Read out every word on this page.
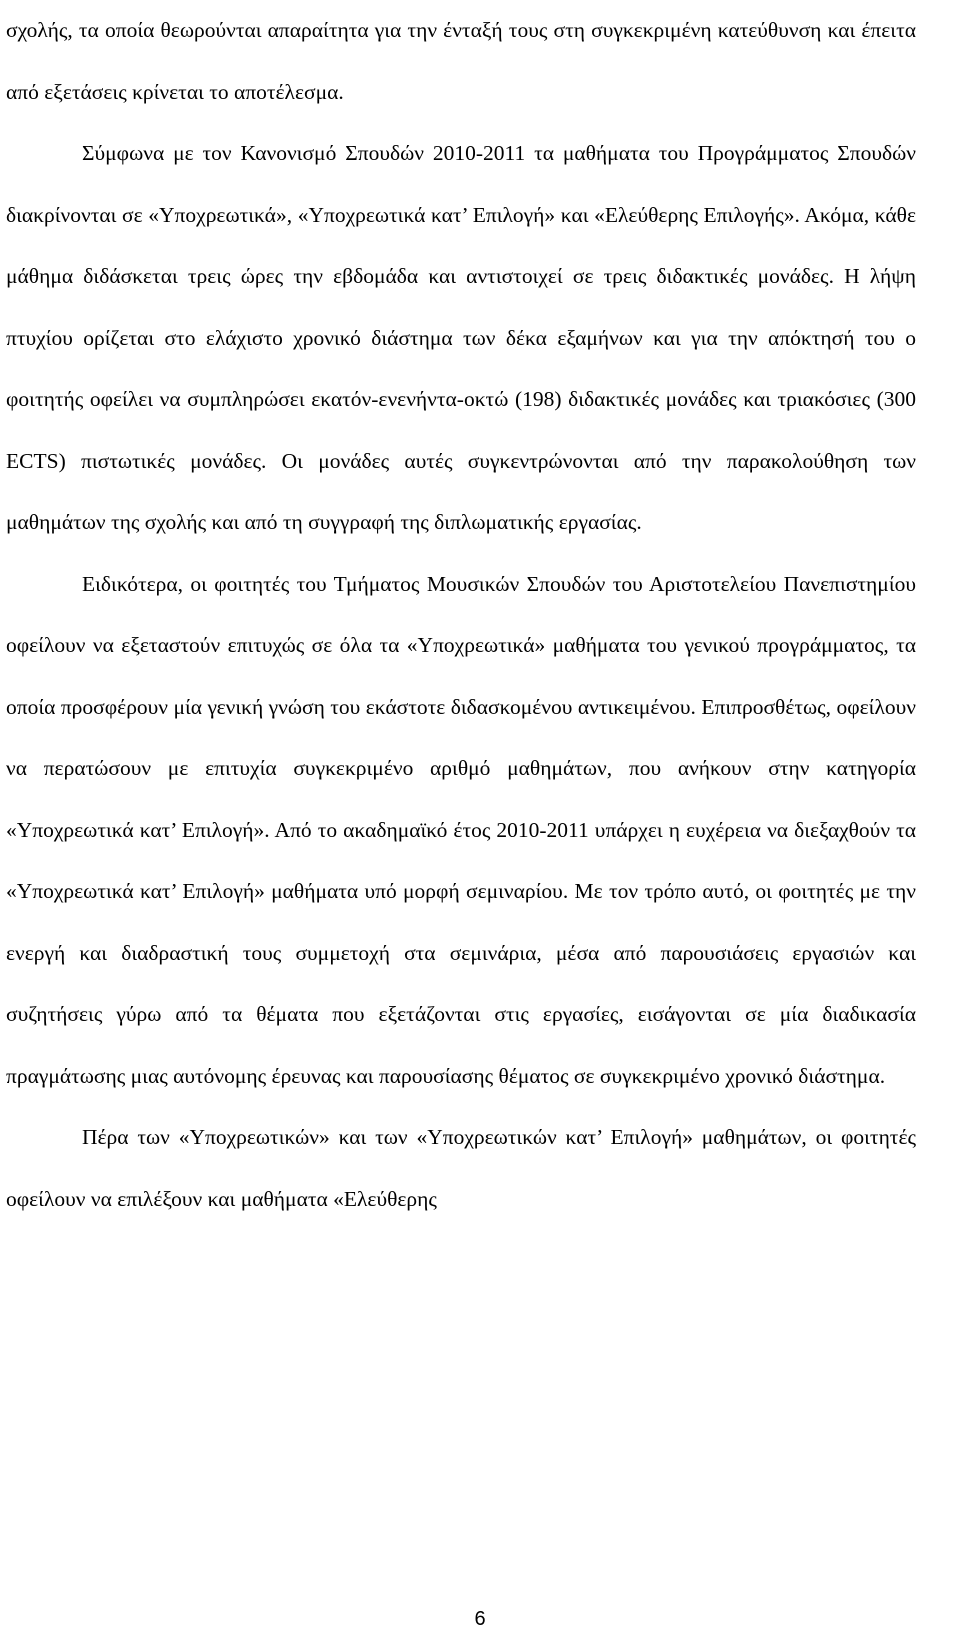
σχολής, τα οποία θεωρούνται απαραίτητα για την ένταξή τους στη συγκεκριμένη κατεύθυνση και έπειτα από εξετάσεις κρίνεται το αποτέλεσμα.

Σύμφωνα με τον Κανονισμό Σπουδών 2010-2011 τα μαθήματα του Προγράμματος Σπουδών διακρίνονται σε «Υποχρεωτικά», «Υποχρεωτικά κατ’ Επιλογή» και «Ελεύθερης Επιλογής». Ακόμα, κάθε μάθημα διδάσκεται τρεις ώρες την εβδομάδα και αντιστοιχεί σε τρεις διδακτικές μονάδες. Η λήψη πτυχίου ορίζεται στο ελάχιστο χρονικό διάστημα των δέκα εξαμήνων και για την απόκτησή του ο φοιτητής οφείλει να συμπληρώσει εκατόν-ενενήντα-οκτώ (198) διδακτικές μονάδες και τριακόσιες (300 ECTS) πιστωτικές μονάδες. Οι μονάδες αυτές συγκεντρώνονται από την παρακολούθηση των μαθημάτων της σχολής και από τη συγγραφή της διπλωματικής εργασίας.

Ειδικότερα, οι φοιτητές του Τμήματος Μουσικών Σπουδών του Αριστοτελείου Πανεπιστημίου οφείλουν να εξεταστούν επιτυχώς σε όλα τα «Υποχρεωτικά» μαθήματα του γενικού προγράμματος, τα οποία προσφέρουν μία γενική γνώση του εκάστοτε διδασκομένου αντικειμένου. Επιπροσθέτως, οφείλουν να περατώσουν με επιτυχία συγκεκριμένο αριθμό μαθημάτων, που ανήκουν στην κατηγορία «Υποχρεωτικά κατ’ Επιλογή». Από το ακαδημαϊκό έτος 2010-2011 υπάρχει η ευχέρεια να διεξαχθούν τα «Υποχρεωτικά κατ’ Επιλογή» μαθήματα υπό μορφή σεμιναρίου. Με τον τρόπο αυτό, οι φοιτητές με την ενεργή και διαδραστική τους συμμετοχή στα σεμινάρια, μέσα από παρουσιάσεις εργασιών και συζητήσεις γύρω από τα θέματα που εξετάζονται στις εργασίες, εισάγονται σε μία διαδικασία πραγμάτωσης μιας αυτόνομης έρευνας και παρουσίασης θέματος σε συγκεκριμένο χρονικό διάστημα.

Πέρα των «Υποχρεωτικών» και των «Υποχρεωτικών κατ’ Επιλογή» μαθημάτων, οι φοιτητές οφείλουν να επιλέξουν και μαθήματα «Ελεύθερης

6
